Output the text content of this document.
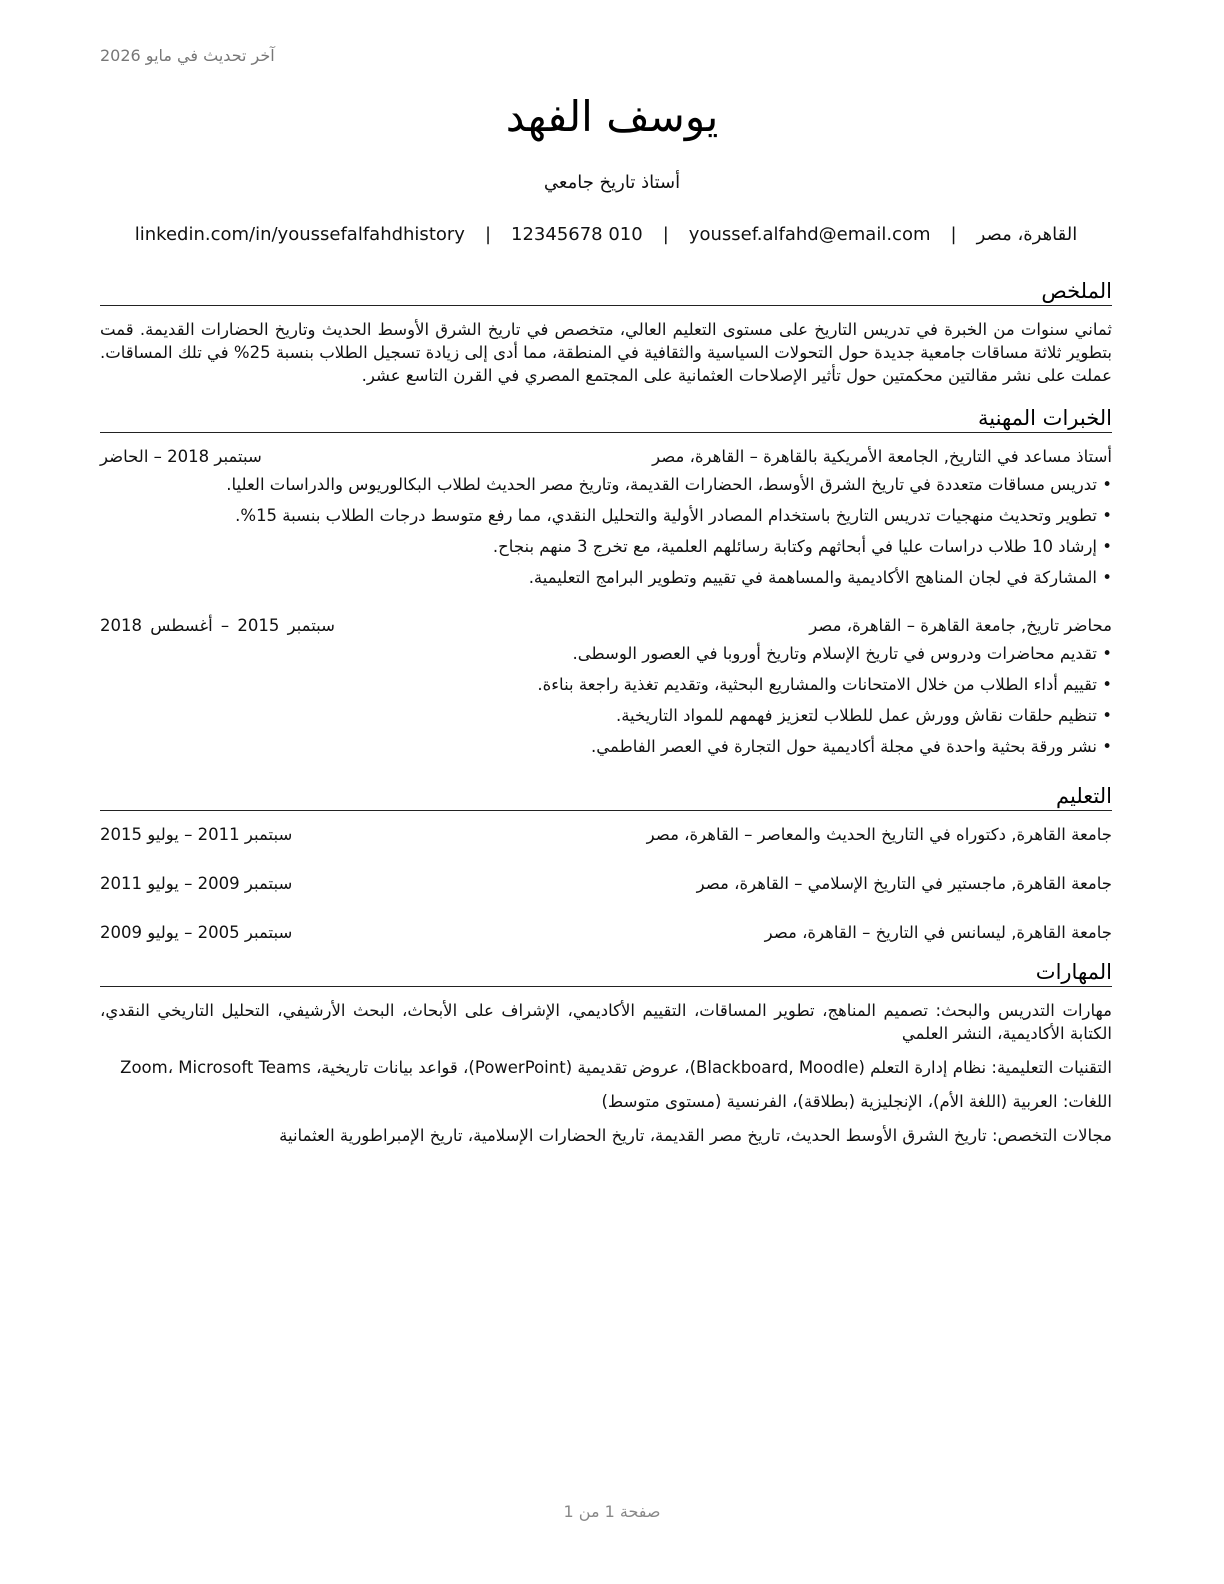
آخر تحديث في مايو 2026
يوسف الفهد
أستاذ تاريخ جامعي
linkedin.com/in/youssefalfahdhistory | 12345678 010 | youssef.alfahd@email.com | القاهرة، مصر
الملخص
ثماني سنوات من الخبرة في تدريس التاريخ على مستوى التعليم العالي، متخصص في تاريخ الشرق الأوسط الحديث وتاريخ الحضارات القديمة. قمت بتطوير ثلاثة مساقات جامعية جديدة حول التحولات السياسية والثقافية في المنطقة، مما أدى إلى زيادة تسجيل الطلاب بنسبة 25% في تلك المساقات. عملت على نشر مقالتين محكمتين حول تأثير الإصلاحات العثمانية على المجتمع المصري في القرن التاسع عشر.
الخبرات المهنية
أستاذ مساعد في التاريخ, الجامعة الأمريكية بالقاهرة – القاهرة، مصر
سبتمبر 2018 – الحاضر
• تدريس مساقات متعددة في تاريخ الشرق الأوسط، الحضارات القديمة، وتاريخ مصر الحديث لطلاب البكالوريوس والدراسات العليا.
• تطوير وتحديث منهجيات تدريس التاريخ باستخدام المصادر الأولية والتحليل النقدي، مما رفع متوسط درجات الطلاب بنسبة 15%.
• إرشاد 10 طلاب دراسات عليا في أبحاثهم وكتابة رسائلهم العلمية، مع تخرج 3 منهم بنجاح.
• المشاركة في لجان المناهج الأكاديمية والمساهمة في تقييم وتطوير البرامج التعليمية.
محاضر تاريخ, جامعة القاهرة – القاهرة، مصر
سبتمبر 2015 – أغسطس 2018
• تقديم محاضرات ودروس في تاريخ الإسلام وتاريخ أوروبا في العصور الوسطى.
• تقييم أداء الطلاب من خلال الامتحانات والمشاريع البحثية، وتقديم تغذية راجعة بناءة.
• تنظيم حلقات نقاش وورش عمل للطلاب لتعزيز فهمهم للمواد التاريخية.
• نشر ورقة بحثية واحدة في مجلة أكاديمية حول التجارة في العصر الفاطمي.
التعليم
جامعة القاهرة, دكتوراه في التاريخ الحديث والمعاصر – القاهرة، مصر
سبتمبر 2011 – يوليو 2015
جامعة القاهرة, ماجستير في التاريخ الإسلامي – القاهرة، مصر
سبتمبر 2009 – يوليو 2011
جامعة القاهرة, ليسانس في التاريخ – القاهرة، مصر
سبتمبر 2005 – يوليو 2009
المهارات

مهارات التدريس والبحث: تصميم المناهج، تطوير المساقات، التقييم الأكاديمي، الإشراف على الأبحاث، البحث الأرشيفي، التحليل التاريخي النقدي، الكتابة الأكاديمية، النشر العلمي

التقنيات التعليمية: نظام إدارة التعلم (Blackboard, Moodle)، عروض تقديمية (PowerPoint)، قواعد بيانات تاريخية، Zoom، Microsoft Teams

اللغات: العربية (اللغة الأم)، الإنجليزية (بطلاقة)، الفرنسية (مستوى متوسط)

مجالات التخصص: تاريخ الشرق الأوسط الحديث، تاريخ مصر القديمة، تاريخ الحضارات الإسلامية، تاريخ الإمبراطورية العثمانية

صفحة 1 من 1
